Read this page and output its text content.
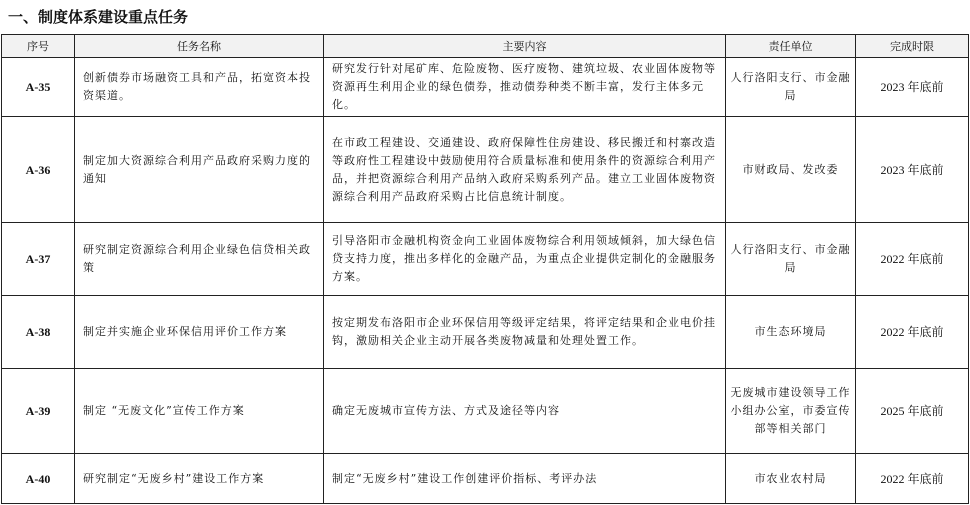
一、制度体系建设重点任务
序号	任务名称	主要内容	责任单位	完成时限
A-35	创新债券市场融资工具和产品，拓宽资本投资渠道。	研究发行针对尾矿库、危险废物、医疗废物、建筑垃圾、农业固体废物等资源再生利用企业的绿色债券，推动债券种类不断丰富，发行主体多元化。	人行洛阳支行、市金融局	2023 年底前
A-36	制定加大资源综合利用产品政府采购力度的通知	在市政工程建设、交通建设、政府保障性住房建设、移民搬迁和村寨改造等政府性工程建设中鼓励使用符合质量标准和使用条件的资源综合利用产品，并把资源综合利用产品纳入政府采购系列产品。建立工业固体废物资源综合利用产品政府采购占比信息统计制度。	市财政局、发改委	2023 年底前
A-37	研究制定资源综合利用企业绿色信贷相关政策	引导洛阳市金融机构资金向工业固体废物综合利用领域倾斜，加大绿色信贷支持力度，推出多样化的金融产品，为重点企业提供定制化的金融服务方案。	人行洛阳支行、市金融局	2022 年底前
A-38	制定并实施企业环保信用评价工作方案	按定期发布洛阳市企业环保信用等级评定结果，将评定结果和企业电价挂钩，激励相关企业主动开展各类废物减量和处理处置工作。	市生态环境局	2022 年底前
A-39	制定 “无废文化”宣传工作方案	确定无废城市宣传方法、方式及途径等内容	无废城市建设领导工作小组办公室，市委宣传部等相关部门	2025 年底前
A-40	研究制定“无废乡村”建设工作方案	制定“无废乡村”建设工作创建评价指标、考评办法	市农业农村局	2022 年底前
